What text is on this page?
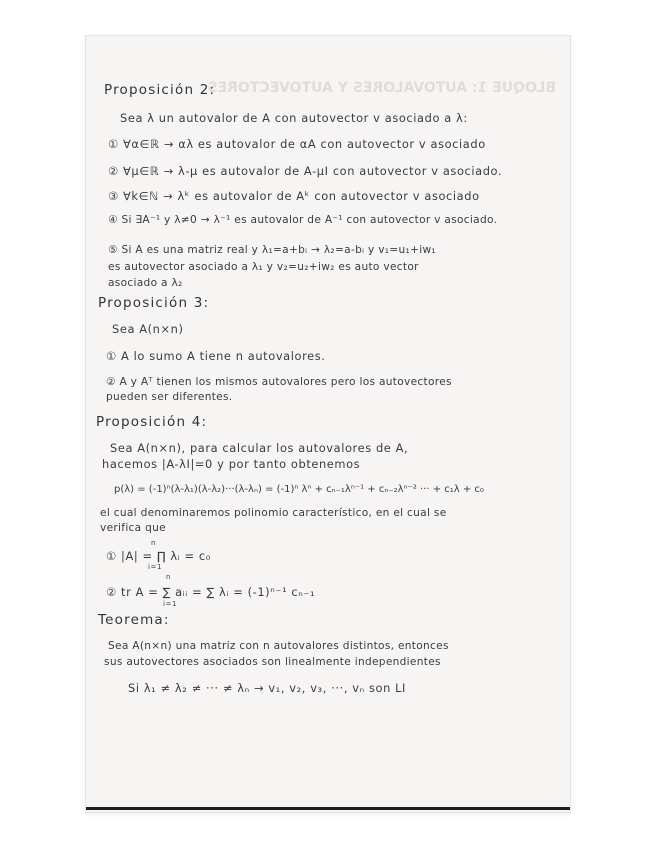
BLOQUE 1: AUTOVALORES Y AUTOVECTORES
Proposición 2:
Sea λ un autovalor de A con autovector v asociado a λ:
① ∀α∈ℝ → αλ es autovalor de αA con autovector v asociado
② ∀μ∈ℝ → λ-μ es autovalor de A-μI con autovector v asociado.
③ ∀k∈ℕ → λᵏ es autovalor de Aᵏ con autovector v asociado
④ Si ∃A⁻¹ y λ≠0 → λ⁻¹ es autovalor de A⁻¹ con autovector v asociado.
⑤ Si A es una matriz real y λ₁=a+bᵢ → λ₂=a-bᵢ y v₁=u₁+iw₁
es autovector asociado a λ₁ y v₂=u₂+iw₂ es auto vector
asociado a λ₂
Proposición 3:
Sea A(n×n)
① A lo sumo A tiene n autovalores.
② A y Aᵀ tienen los mismos autovalores pero los autovectores
pueden ser diferentes.
Proposición 4:
Sea A(n×n), para calcular los autovalores de A,
hacemos |A-λI|=0 y por tanto obtenemos
p(λ) = (-1)ⁿ(λ-λ₁)(λ-λ₂)···(λ-λₙ) = (-1)ⁿ λⁿ + cₙ₋₁λⁿ⁻¹ + cₙ₋₂λⁿ⁻² ··· + c₁λ + c₀
el cual denominaremos polinomio característico, en el cual se
verifica que
① |A| = ∏ λᵢ = c₀
n
i=1
② tr A = ∑ aᵢᵢ = ∑ λᵢ = (-1)ⁿ⁻¹ cₙ₋₁
n
i=1
Teorema:
Sea A(n×n) una matriz con n autovalores distintos, entonces
sus autovectores asociados son linealmente independientes
Si λ₁ ≠ λ₂ ≠ ··· ≠ λₙ → v₁, v₂, v₃, ···, vₙ son LI
